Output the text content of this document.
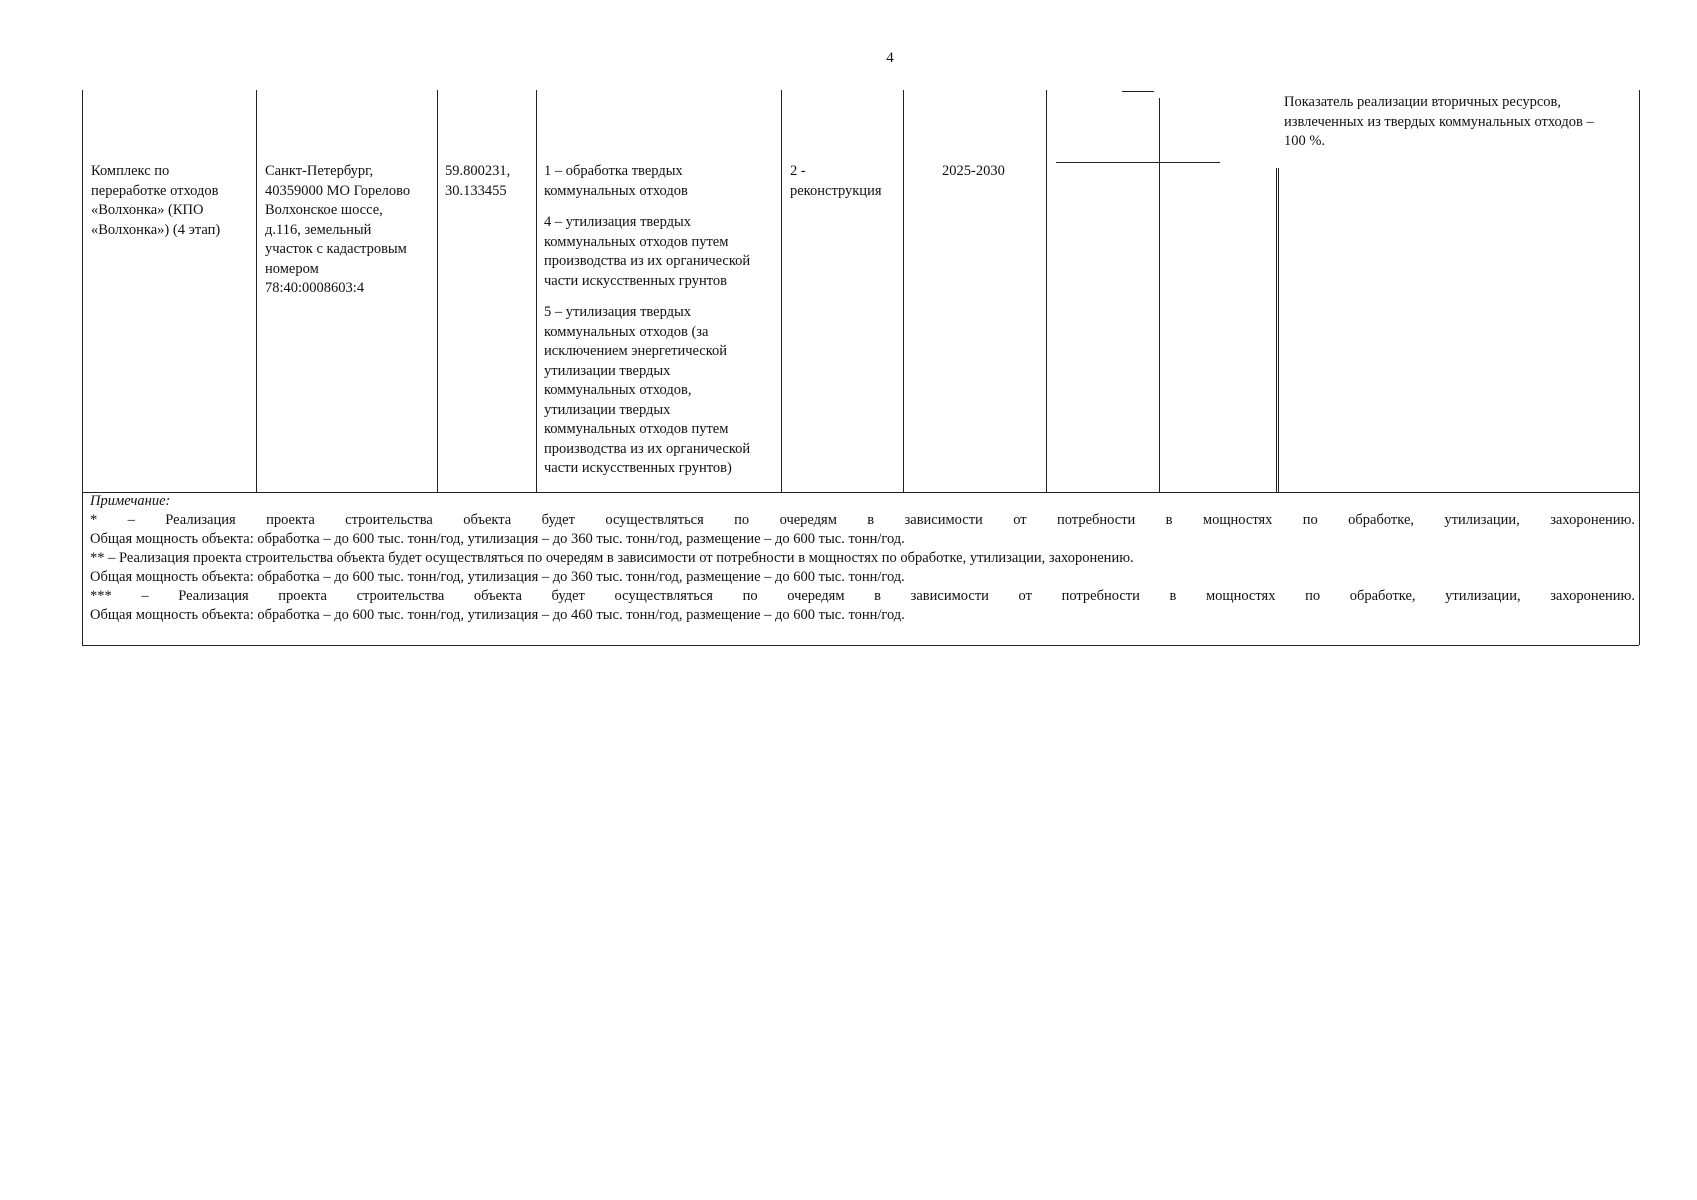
4
Показатель реализации вторичных ресурсов,
извлеченных из твердых коммунальных отходов –
100 %.
Комплекс по
переработке отходов
«Волхонка» (КПО
«Волхонка») (4 этап)
Санкт-Петербург,
40359000 МО Горелово
Волхонское шоссе,
д.116, земельный
участок с кадастровым
номером
78:40:0008603:4
59.800231,
30.133455
1 – обработка твердых
коммунальных отходов
4 – утилизация твердых
коммунальных отходов путем
производства из их органической
части искусственных грунтов
5 – утилизация твердых
коммунальных отходов (за
исключением энергетической
утилизации твердых
коммунальных отходов,
утилизации твердых
коммунальных отходов путем
производства из их органической
части искусственных грунтов)
2 -
реконструкция
2025-2030
Примечание:
* – Реализация проекта строительства объекта будет осуществляться по очередям в зависимости от потребности в мощностях по обработке, утилизации, захоронению.
Общая мощность объекта: обработка – до 600 тыс. тонн/год, утилизация – до 360 тыс. тонн/год, размещение – до 600 тыс. тонн/год.
** – Реализация проекта строительства объекта будет осуществляться по очередям в зависимости от потребности в мощностях по обработке, утилизации, захоронению.
Общая мощность объекта: обработка – до 600 тыс. тонн/год, утилизация – до 360 тыс. тонн/год, размещение – до 600 тыс. тонн/год.
*** – Реализация проекта строительства объекта будет осуществляться по очередям в зависимости от потребности в мощностях по обработке, утилизации, захоронению.
Общая мощность объекта: обработка – до 600 тыс. тонн/год, утилизация – до 460 тыс. тонн/год, размещение – до 600 тыс. тонн/год.
